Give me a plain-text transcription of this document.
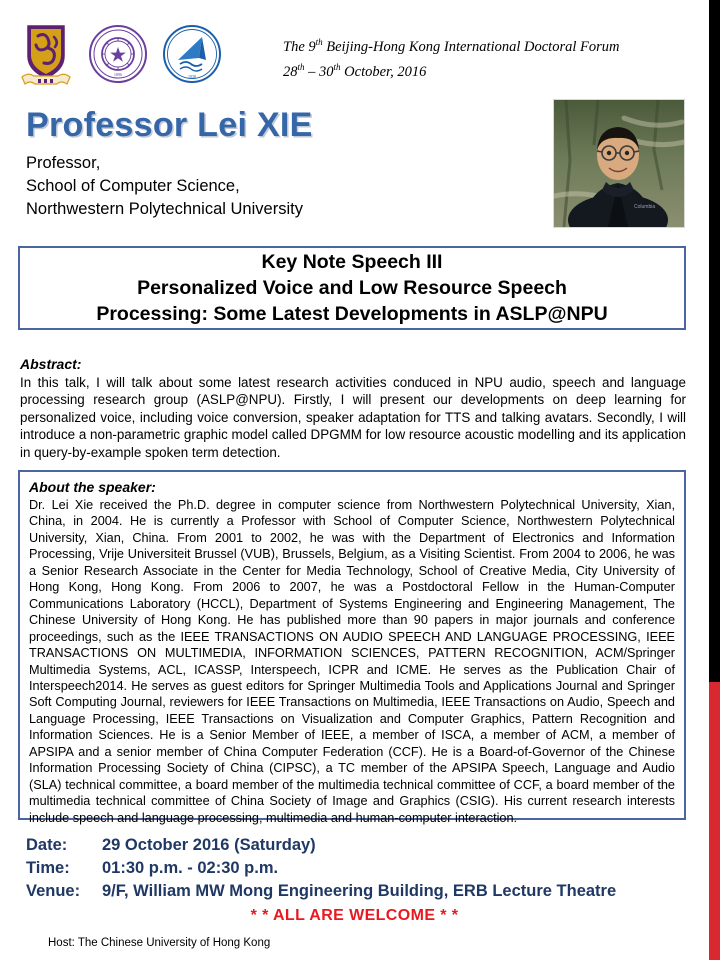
1896	1938
The 9th Beijing-Hong Kong International Doctoral Forum
28th – 30th October, 2016
Professor Lei XIE
Professor,
School of Computer Science,
Northwestern Polytechnical University	Columbia
Key Note Speech III
Personalized Voice and Low Resource Speech
Processing: Some Latest Developments in ASLP@NPU
Abstract:
In this talk, I will talk about some latest research activities conduced in NPU audio, speech and language processing research group (ASLP@NPU). Firstly, I will present our developments on deep learning for personalized voice, including voice conversion, speaker adaptation for TTS and talking avatars. Secondly, I will introduce a non-parametric graphic model called DPGMM for low resource acoustic modelling and its application in query-by-example spoken term detection.
About the speaker:
Dr. Lei Xie received the Ph.D. degree in computer science from Northwestern Polytechnical University, Xian, China, in 2004. He is currently a Professor with School of Computer Science, Northwestern Polytechnical University, Xian, China. From 2001 to 2002, he was with the Department of Electronics and Information Processing, Vrije Universiteit Brussel (VUB), Brussels, Belgium, as a Visiting Scientist. From 2004 to 2006, he was a Senior Research Associate in the Center for Media Technology, School of Creative Media, City University of Hong Kong, Hong Kong. From 2006 to 2007, he was a Postdoctoral Fellow in the Human-Computer Communications Laboratory (HCCL), Department of Systems Engineering and Engineering Management, The Chinese University of Hong Kong. He has published more than 90 papers in major journals and conference proceedings, such as the IEEE TRANSACTIONS ON AUDIO SPEECH AND LANGUAGE PROCESSING, IEEE TRANSACTIONS ON MULTIMEDIA, INFORMATION SCIENCES, PATTERN RECOGNITION, ACM/Springer Multimedia Systems, ACL, ICASSP, Interspeech, ICPR and ICME. He serves as the Publication Chair of Interspeech2014. He serves as guest editors for Springer Multimedia Tools and Applications Journal and Springer Soft Computing Journal, reviewers for IEEE Transactions on Multimedia, IEEE Transactions on Audio, Speech and Language Processing, IEEE Transactions on Visualization and Computer Graphics, Pattern Recognition and Information Sciences. He is a Senior Member of IEEE, a member of ISCA, a member of ACM, a member of APSIPA and a senior member of China Computer Federation (CCF). He is a Board-of-Governor of the Chinese Information Processing Society of China (CIPSC), a TC member of the APSIPA Speech, Language and Audio (SLA) technical committee, a board member of the multimedia technical committee of CCF, a board member of the multimedia technical committee of China Society of Image and Graphics (CSIG). His current research interests include speech and language processing, multimedia and human-computer interaction.
Date:	29 October 2016 (Saturday)
Time:	01:30 p.m. - 02:30 p.m.
Venue:	9/F, William MW Mong Engineering Building, ERB Lecture Theatre
* * ALL ARE WELCOME * *
Host: The Chinese University of Hong Kong
